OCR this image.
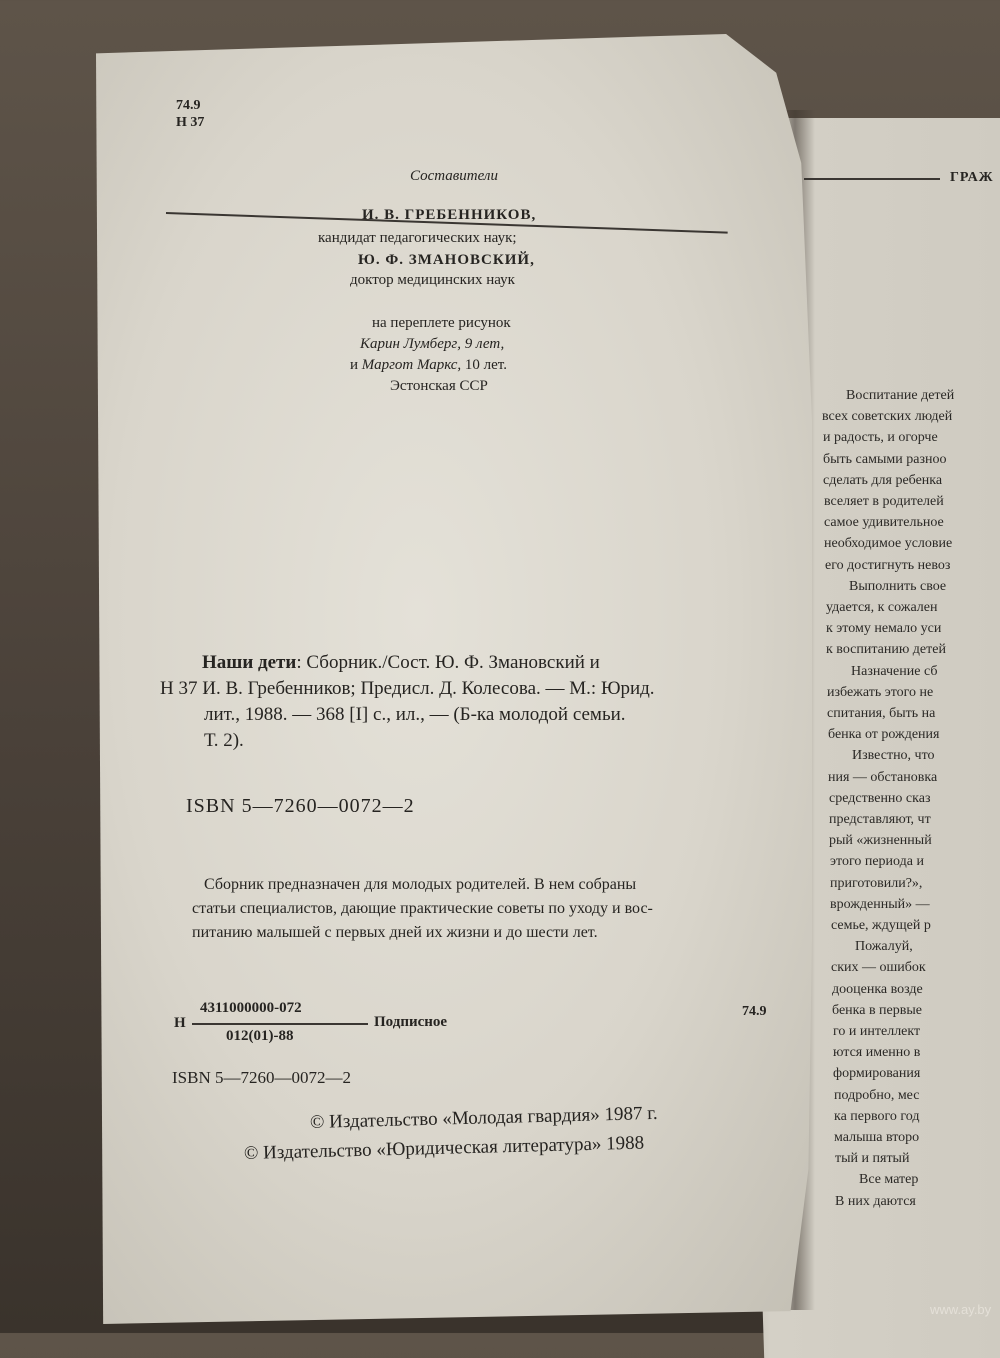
74.9
Н 37
Составители
И. В. ГРЕБЕННИКОВ,
кандидат педагогических наук;
Ю. Ф. ЗМАНОВСКИЙ,
доктор медицинских наук
на переплете рисунок
Карин Лумберг, 9 лет,
и Маргот Маркс, 10 лет.
Эстонская ССР
Наши дети: Сборник./Сост. Ю. Ф. Змановский и
Н 37 И. В. Гребенников; Предисл. Д. Колесова. — М.: Юрид.
лит., 1988. — 368 [I] с., ил., — (Б-ка молодой семьи.
Т. 2).
ISBN 5—7260—0072—2
Сборник предназначен для молодых родителей. В нем собраны
статьи специалистов, дающие практические советы по уходу и вос-
питанию малышей с первых дней их жизни и до шести лет.
Н
4311000000-072
012(01)-88
Подписное
74.9
ISBN 5—7260—0072—2
© Издательство «Молодая гвардия» 1987 г.
© Издательство «Юридическая литература» 1988
ГРАЖ
Воспитание детей
всех советских людей
и радость, и огорче
быть самыми разноо
сделать для ребенка
вселяет в родителей
самое удивительное
необходимое условие
его достигнуть невоз
Выполнить свое
удается, к сожален
к этому немало уси
к воспитанию детей
Назначение сб
избежать этого не
спитания, быть на
бенка от рождения
Известно, что
ния — обстановка
средственно сказ
представляют, чт
рый «жизненный
этого периода и
приготовили?»,
врожденный» —
семье, ждущей р
Пожалуй,
ских — ошибок
дооценка возде
бенка в первые
го и интеллект
ются именно в
формирования
подробно, мес
ка первого год
малыша второ
тый и пятый
Все матер
В них даются
www.ay.by
